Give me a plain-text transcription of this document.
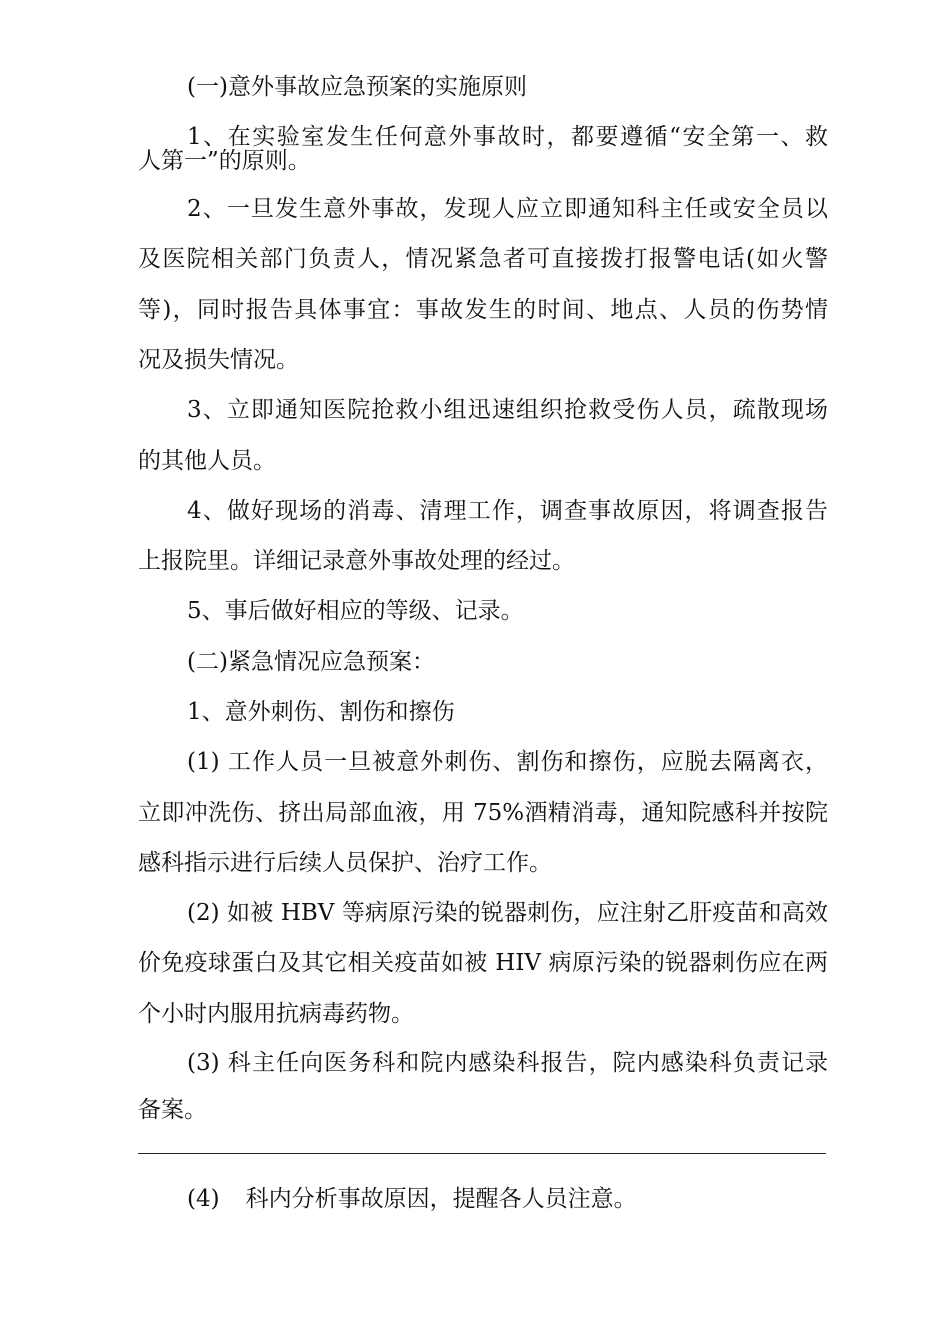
(一)意外事故应急预案的实施原则
1、在实验室发生任何意外事故时，都要遵循“安全第一、救
人第一”的原则。
2、一旦发生意外事故，发现人应立即通知科主任或安全员以
及医院相关部门负责人，情况紧急者可直接拨打报警电话(如火警
等)，同时报告具体事宜：事故发生的时间、地点、人员的伤势情
况及损失情况。
3、立即通知医院抢救小组迅速组织抢救受伤人员，疏散现场
的其他人员。
4、做好现场的消毒、清理工作，调查事故原因，将调查报告
上报院里。详细记录意外事故处理的经过。
5、事后做好相应的等级、记录。
(二)紧急情况应急预案：
1、意外刺伤、割伤和擦伤
(1) 工作人员一旦被意外刺伤、割伤和擦伤，应脱去隔离衣，
立即冲洗伤、挤出局部血液，用 75%酒精消毒，通知院感科并按院
感科指示进行后续人员保护、治疗工作。
(2) 如被 HBV 等病原污染的锐器刺伤，应注射乙肝疫苗和高效
价免疫球蛋白及其它相关疫苗如被 HIV 病原污染的锐器刺伤应在两
个小时内服用抗病毒药物。
(3) 科主任向医务科和院内感染科报告，院内感染科负责记录
备案。
(4) 科内分析事故原因，提醒各人员注意。
